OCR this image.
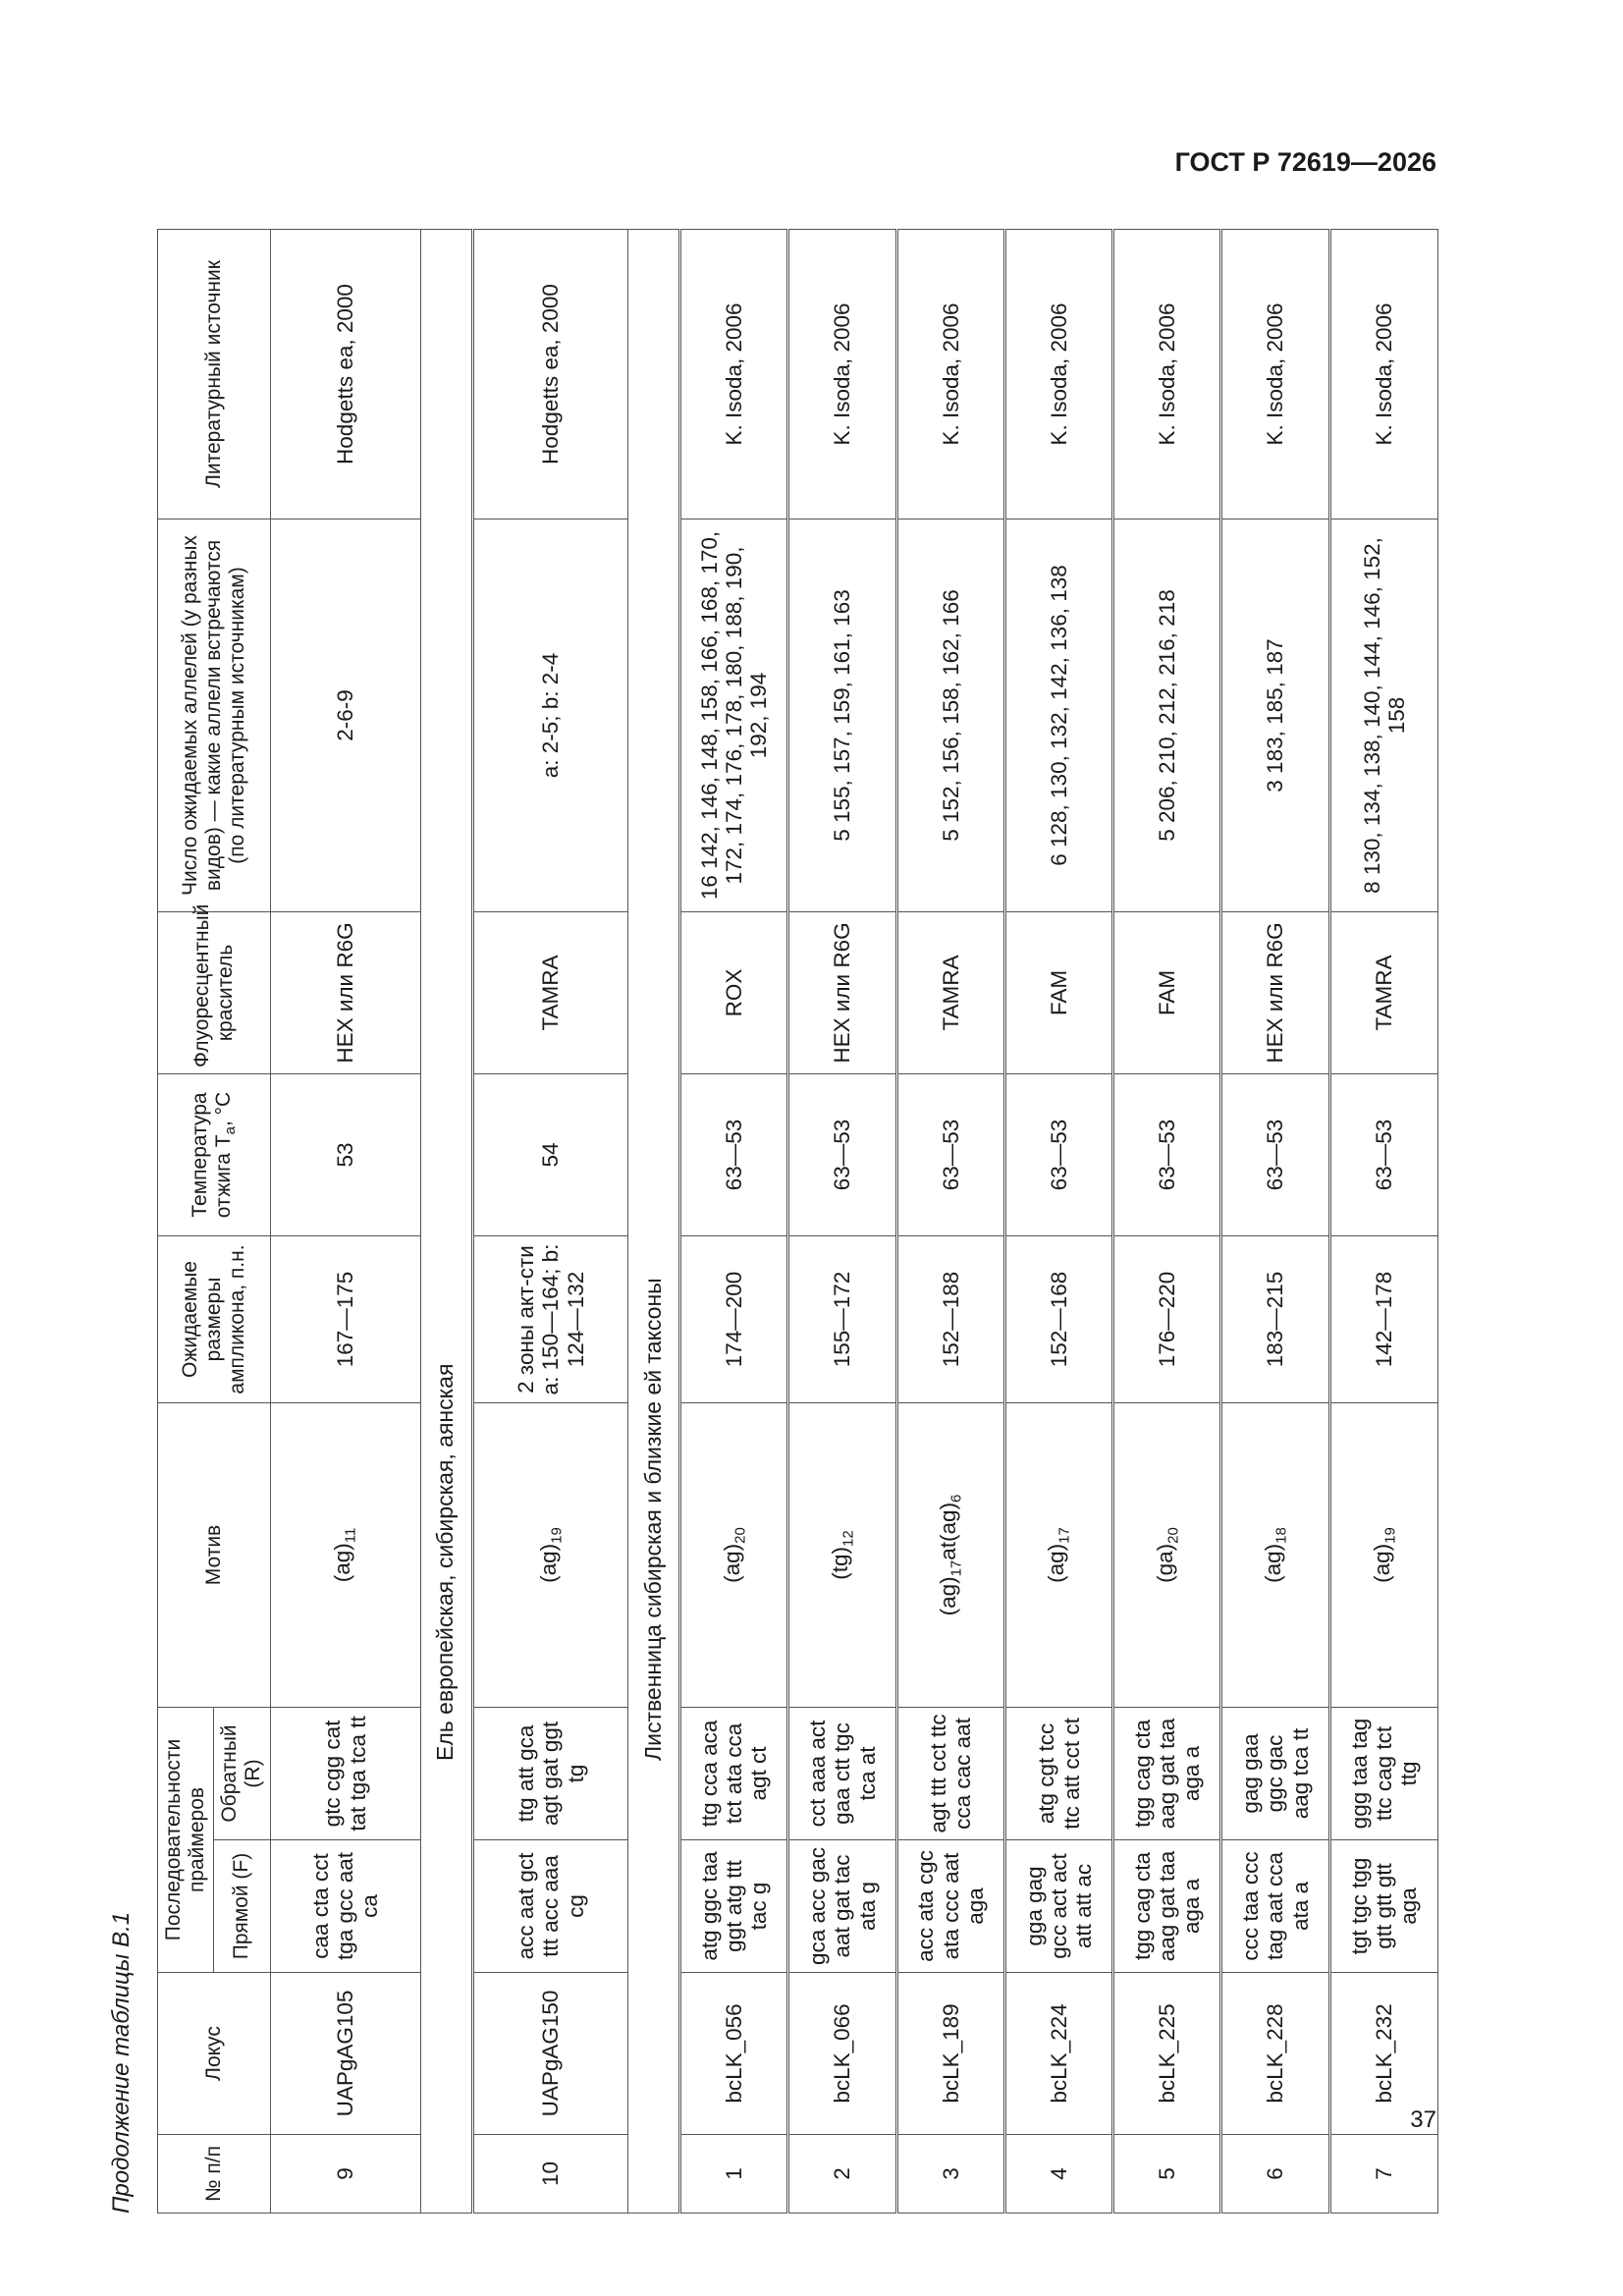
ГОСТ Р 72619—2026
37
Продолжение таблицы В.1	№ п/п	Локус	Последовательности праймеров		Мотив	Ожидаемые размеры ампликона, п.н.	Температура отжига $T_a$, °С	Флуоресцентный краситель	Число ожидаемых аллелей (у разных видов) — какие аллели встречаются (по литературным источникам)	Литературный источник
		Прямой (F)	Обратный (R)						
9	UAPgAG105	caa cta cct tga gcc aat ca	gtc cgg cat tat tga tca tt	$(ag)_{11}$	167—175	53	HEX или R6G	2-6-9	Hodgetts ea, 2000
Ель европейская, сибирская, аянская									
10	UAPgAG150	acc aat gct ttt acc aaa cg	ttg att gca agt gat ggt tg	$(ag)_{19}$	2 зоны акт-сти a: 150—164; b: 124—132	54	TAMRA	a: 2-5; b: 2-4	Hodgetts ea, 2000
Лиственница сибирская и близкие ей таксоны									
1	bcLK_056	atg ggc taa ggt atg ttt tac g	ttg cca aca tct ata cca agt ct	$(ag)_{20}$	174—200	63—53	ROX	16 142, 146, 148, 158, 166, 168, 170, 172, 174, 176, 178, 180, 188, 190, 192, 194	K. Isoda, 2006
2	bcLK_066	gca acc gac aat gat tac ata g	cct aaa act gaa ctt tgc tca at	$(tg)_{12}$	155—172	63—53	HEX или R6G	5 155, 157, 159, 161, 163	K. Isoda, 2006
3	bcLK_189	acc ata cgc ata ccc aat aga	agt ttt cct ttc cca cac aat	$(ag)_{17}at(ag)_6$	152—188	63—53	TAMRA	5 152, 156, 158, 162, 166	K. Isoda, 2006
4	bcLK_224	gga gag gcc act act att att ac	atg cgt tcc ttc att cct ct	$(ag)_{17}$	152—168	63—53	FAM	6 128, 130, 132, 142, 136, 138	K. Isoda, 2006
5	bcLK_225	tgg cag cta aag gat taa aga a	tgg cag cta aag gat taa aga a	$(ga)_{20}$	176—220	63—53	FAM	5 206, 210, 212, 216, 218	K. Isoda, 2006
6	bcLK_228	ccc taa ccc tag aat cca ata a	gag gaa ggc gac aag tca tt	$(ag)_{18}$	183—215	63—53	HEX или R6G	3 183, 185, 187	K. Isoda, 2006
7	bcLK_232	tgt tgc tgg gtt gtt gtt aga	ggg taa tag ttc cag tct ttg	$(ag)_{19}$	142—178	63—53	TAMRA	8 130, 134, 138, 140, 144, 146, 152, 158	K. Isoda, 2006
